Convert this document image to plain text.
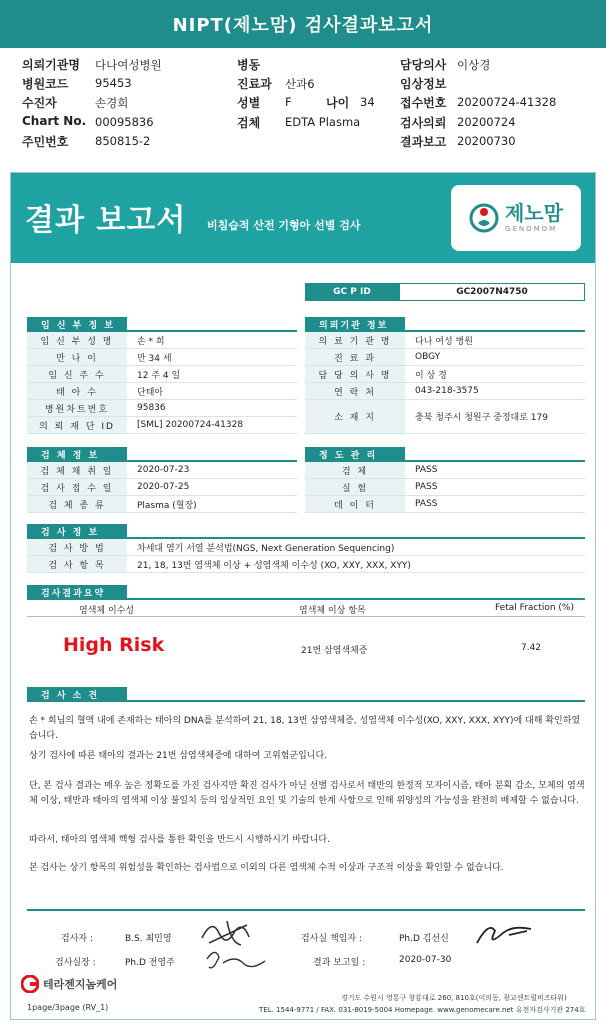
NIPT(제노맘) 검사결과보고서
의뢰기관명 다나여성병원
병원코드 95453
수진자	손경희
Chart No. 00095836
주민번호 850815-2
병동
진료과 산과6
성별 F	나이 34
검체 EDTA Plasma
담당의사 이상경
임상정보
접수번호 20200724-41328
검사의뢰 20200724
결과보고 20200730
결과 보고서 비침습적 산전 기형아 선별 검사
제노맘
GENOMOM
GC P ID	GC2007N4750
임 신 부 정 보
임 신 부 성 명	손 * 희
만 나 이	만 34 세
임 신 주 수	12 주 4 일
태 아 수	단태아
병원차트번호	95836
의 뢰 재 단 ID	[SML] 20200724-41328
의뢰기관 정보
의 료 기 관 명	다나 여성 병원
진 료 과	OBGY
담 당 의 사 명	이 상 경
연 락 처	043-218-3575
소 재 지	충북 청주시 청원구 중정대로 179
검 체 정 보
검 체 채 취 일	2020-07-23
검 사 접 수 일	2020-07-25
검 체 종 류	Plasma (혈장)
정 도 관 리
검 체	PASS
실 험	PASS
데 이 터	PASS
검 사 정 보
검 사 방 법	차세대 염기 서열 분석법(NGS, Next Generation Sequencing)
검 사 항 목	21, 18, 13번 염색체 이상 + 성염색체 이수성 (XO, XXY, XXX, XYY)
검사결과요약
염색체 이수성	염색체 이상 항목	Fetal Fraction (%)
High Risk	21번 삼염색체증	7.42
검 사 소 견
손 * 희님의 혈액 내에 존재하는 태아의 DNA를 분석하여 21, 18, 13번 삼염색체증, 성염색체 이수성(XO, XXY, XXX, XYY)에 대해 확인하였습니다.
상기 검사에 따른 태아의 결과는 21번 삼염색체증에 대하여 고위험군입니다.
단, 본 검사 결과는 매우 높은 정확도를 가진 검사지만 확진 검사가 아닌 선별 검사로서 태반의 한정적 모자이시즘, 태아 분획 감소, 모체의 염색체 이상, 태반과 태아의 염색체 이상 불일치 등의 임상적인 요인 및 기술의 한계 사항으로 인해 위양성의 가능성을 완전히 배제할 수 없습니다.
따라서, 태아의 염색체 핵형 검사를 통한 확인을 반드시 시행하시기 바랍니다.
본 검사는 상기 항목의 위험성을 확인하는 검사법으로 이외의 다른 염색체 수적 이상과 구조적 이상을 확인할 수 없습니다.
검사자 :	B.S. 최민영
검사실장 :	Ph.D 전영주
검사실 책임자 :	Ph.D 김선신
결과 보고일 :	2020-07-30
테라젠지놈케어
1page/3page (RV_1)
경기도 수원시 영통구 창룡대로 260, 810호(이의동, 광교센트럴비즈타워)
TEL. 1544-9771 / FAX. 031-8019-5004 Homepage. www.genomecare.net 유전자검사기관 274호
